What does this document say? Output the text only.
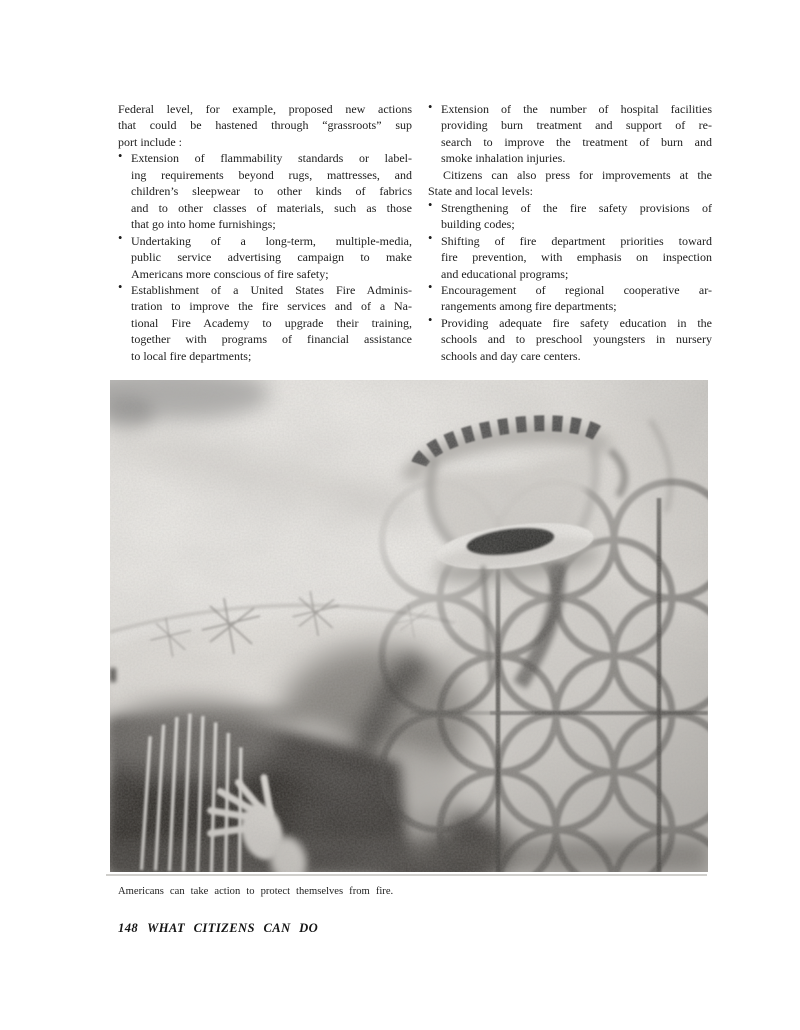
Federal level, for example, proposed new actions
that could be hastened through “grassroots” sup
port include :
• Extension of flammability standards or label-
ing requirements beyond rugs, mattresses, and
children’s sleepwear to other kinds of fabrics
and to other classes of materials, such as those
that go into home furnishings;
• Undertaking of a long-term, multiple-media,
public service advertising campaign to make
Americans more conscious of fire safety;
• Establishment of a United States Fire Adminis-
tration to improve the fire services and of a Na-
tional Fire Academy to upgrade their training,
together with programs of financial assistance
to local fire departments;
• Extension of the number of hospital facilities
providing burn treatment and support of re-
search to improve the treatment of burn and
smoke inhalation injuries.
Citizens can also press for improvements at the
State and local levels:
• Strengthening of the fire safety provisions of
building codes;
• Shifting of fire department priorities toward
fire prevention, with emphasis on inspection
and educational programs;
• Encouragement of regional cooperative ar-
rangements among fire departments;
• Providing adequate fire safety education in the
schools and to preschool youngsters in nursery
schools and day care centers.

Americans can take action to protect themselves from fire.

148 WHAT CITIZENS CAN DO
